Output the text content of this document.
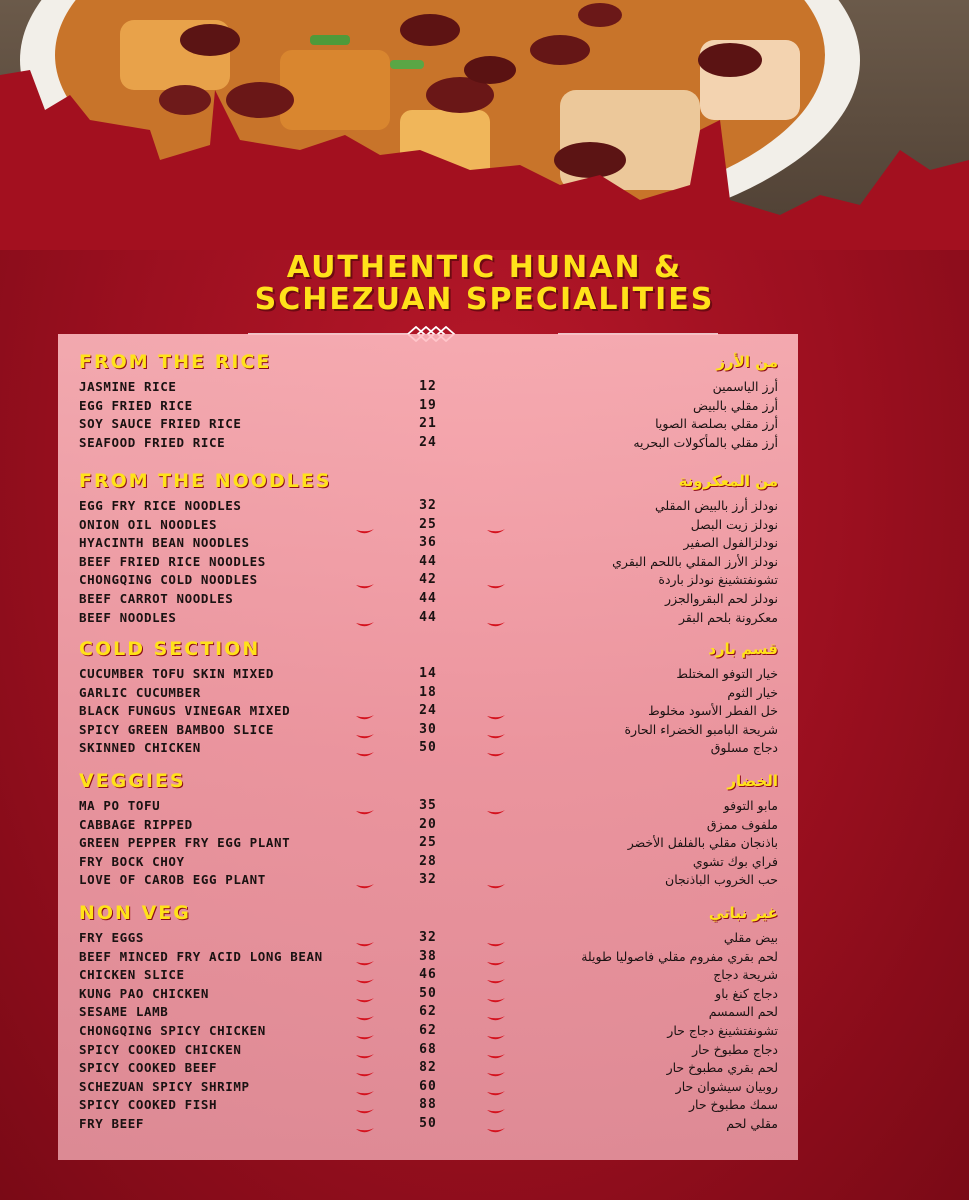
AUTHENTIC HUNAN &
SCHEZUAN SPECIALITIES
FROM THE RICE	من الأرز
JASMINE RICE	12	أرز الياسمين
EGG FRIED RICE	19	أرز مقلي بالبيض
SOY SAUCE FRIED RICE	21	أرز مقلي بصلصة الصويا
SEAFOOD FRIED RICE	24	أرز مقلي بالمأكولات البحريه
FROM THE NOODLES	من المعكرونة
EGG FRY RICE NOODLES	32	نودلز أرز بالبيض المقلي
ONION OIL NOODLES	25	نودلز زيت البصل
HYACINTH BEAN NOODLES	36	نودلزالفول الصفير
BEEF FRIED RICE NOODLES	44	نودلز الأرز المقلي باللحم البقري
CHONGQING COLD NOODLES	42	تشونفتشينغ نودلز باردة
BEEF CARROT NOODLES	44	نودلز لحم البقروالجزر
BEEF NOODLES	44	معكرونة بلحم البقر
COLD SECTION	قسم بارد
CUCUMBER TOFU SKIN MIXED	14	خيار التوفو المختلط
GARLIC CUCUMBER	18	خيار الثوم
BLACK FUNGUS VINEGAR MIXED	24	خل الفطر الأسود مخلوط
SPICY GREEN BAMBOO SLICE	30	شريحة البامبو الخضراء الحارة
SKINNED CHICKEN	50	دجاج مسلوق
VEGGIES	الخضار
MA PO TOFU	35	مابو التوفو
CABBAGE RIPPED	20	ملفوف ممزق
GREEN PEPPER FRY EGG PLANT	25	باذنجان مقلي بالفلفل الأخضر
FRY BOCK CHOY	28	فراي بوك تشوي
LOVE OF CAROB EGG PLANT	32	حب الخروب الباذنجان
NON VEG	غير نباتي
FRY EGGS	32	بيض مقلي
BEEF MINCED FRY ACID LONG BEAN	38	لحم بقري مفروم مقلي فاصوليا طويلة
CHICKEN SLICE	46	شريحة دجاج
KUNG PAO CHICKEN	50	دجاج كنغ باو
SESAME LAMB	62	لحم السمسم
CHONGQING SPICY CHICKEN	62	تشونفتشينغ دجاج حار
SPICY COOKED CHICKEN	68	دجاج مطبوخ حار
SPICY COOKED BEEF	82	لحم بقري مطبوخ حار
SCHEZUAN SPICY SHRIMP	60	روبيان سيشوان حار
SPICY COOKED FISH	88	سمك مطبوخ حار
FRY BEEF	50	مقلي لحم
